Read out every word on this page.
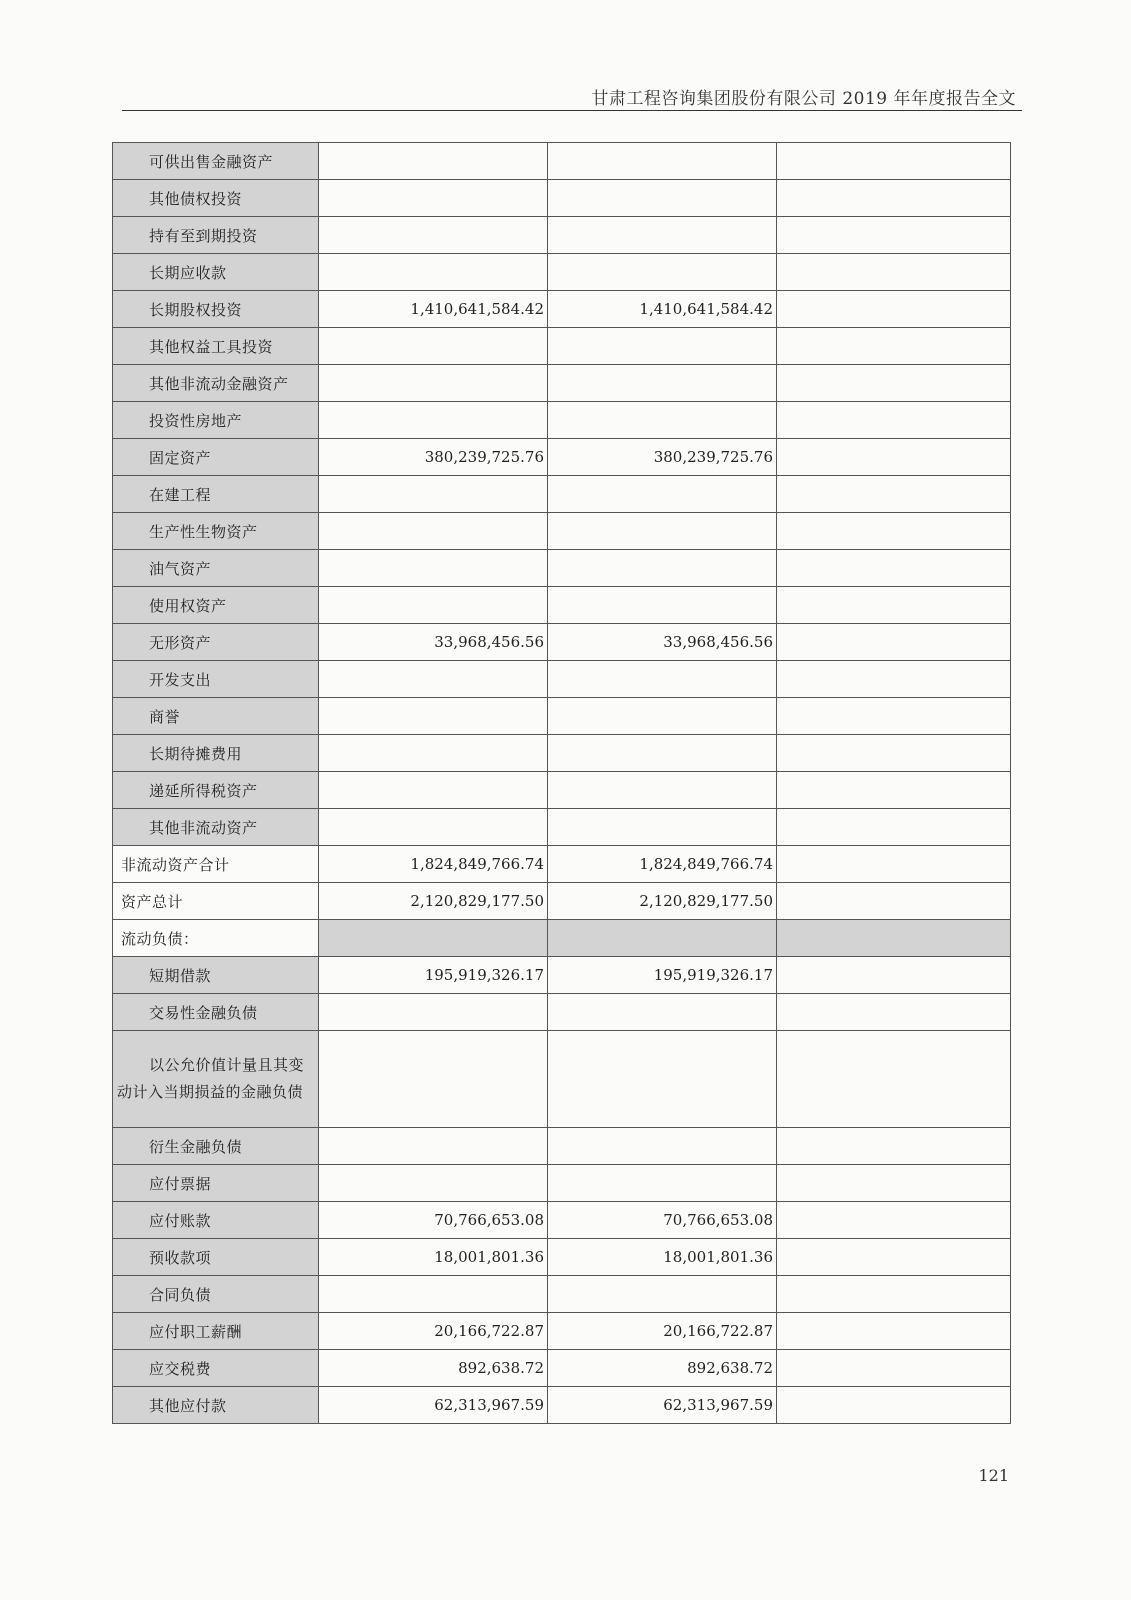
甘肃工程咨询集团股份有限公司 2019 年年度报告全文
可供出售金融资产			
其他债权投资			
持有至到期投资			
长期应收款			
长期股权投资	1,410,641,584.42	1,410,641,584.42	
其他权益工具投资			
其他非流动金融资产			
投资性房地产			
固定资产	380,239,725.76	380,239,725.76	
在建工程			
生产性生物资产			
油气资产			
使用权资产			
无形资产	33,968,456.56	33,968,456.56	
开发支出			
商誉			
长期待摊费用			
递延所得税资产			
其他非流动资产			
非流动资产合计	1,824,849,766.74	1,824,849,766.74	
资产总计	2,120,829,177.50	2,120,829,177.50	
流动负债：			
短期借款	195,919,326.17	195,919,326.17	
交易性金融负债			
以公允价值计量且其变动计入当期损益的金融负债			
衍生金融负债			
应付票据			
应付账款	70,766,653.08	70,766,653.08	
预收款项	18,001,801.36	18,001,801.36	
合同负债			
应付职工薪酬	20,166,722.87	20,166,722.87	
应交税费	892,638.72	892,638.72	
其他应付款	62,313,967.59	62,313,967.59	
121
